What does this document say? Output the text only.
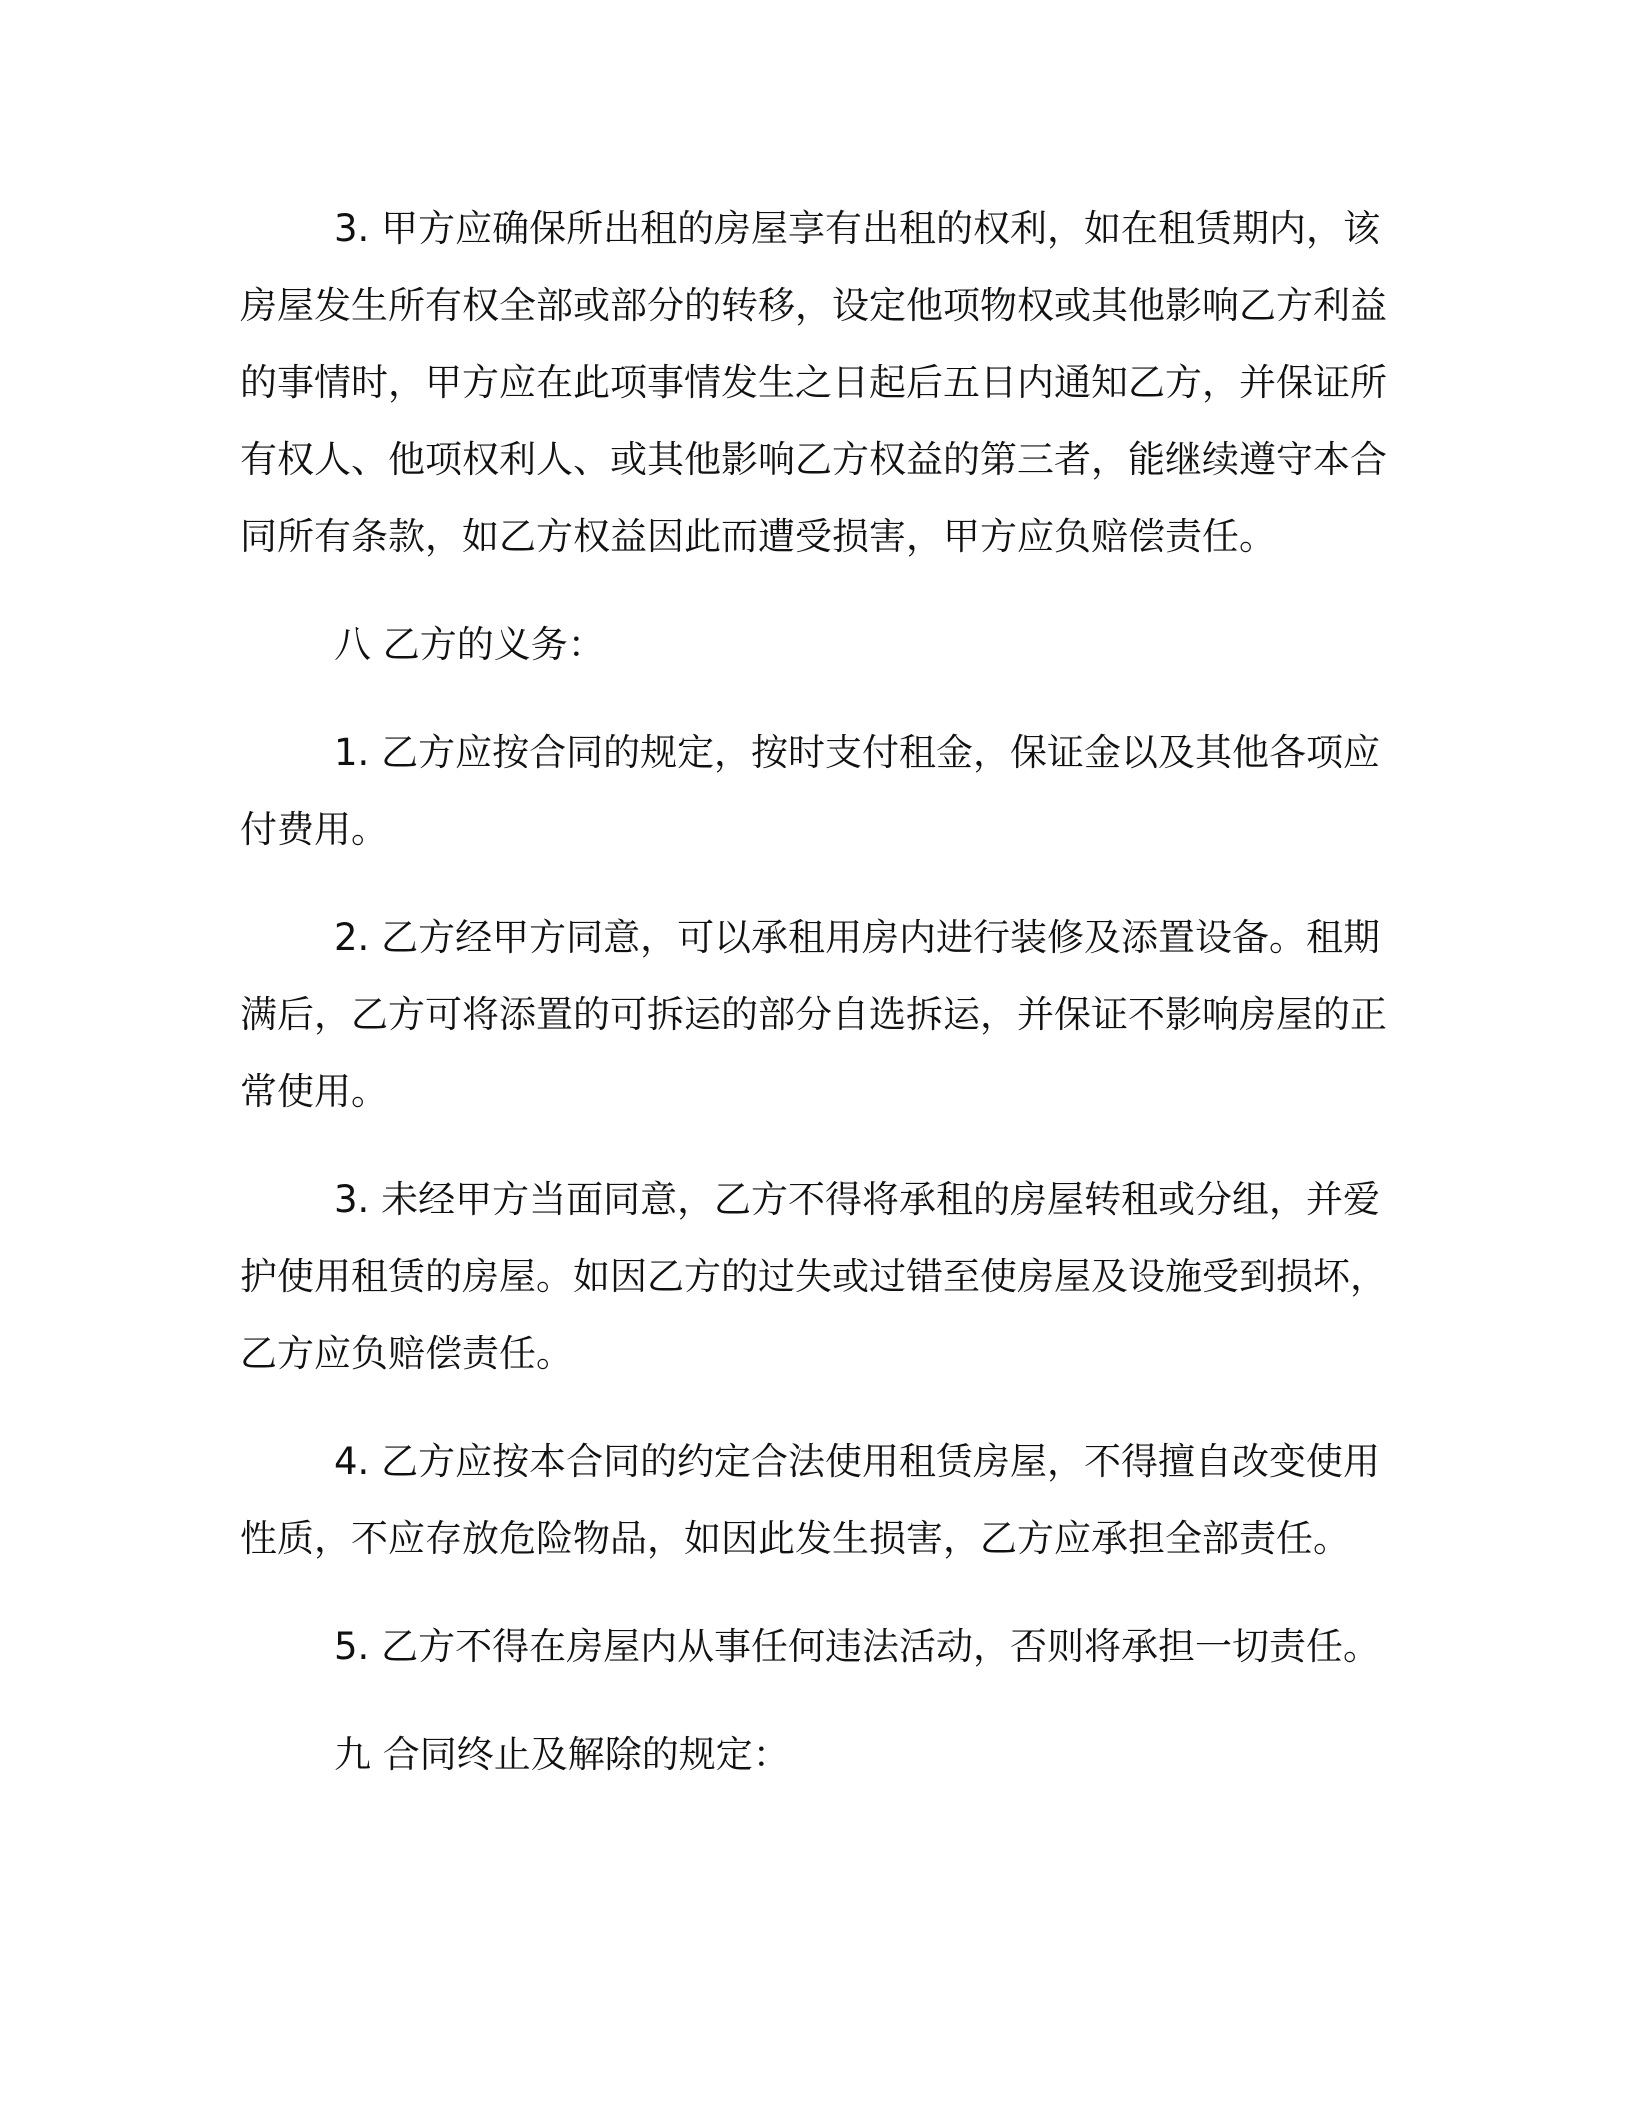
3. 甲方应确保所出租的房屋享有出租的权利，如在租赁期内，该房屋发生所有权全部或部分的转移，设定他项物权或其他影响乙方利益的事情时，甲方应在此项事情发生之日起后五日内通知乙方，并保证所有权人、他项权利人、或其他影响乙方权益的第三者，能继续遵守本合同所有条款，如乙方权益因此而遭受损害，甲方应负赔偿责任。

八 乙方的义务：

1. 乙方应按合同的规定，按时支付租金，保证金以及其他各项应付费用。

2. 乙方经甲方同意，可以承租用房内进行装修及添置设备。租期满后，乙方可将添置的可拆运的部分自选拆运，并保证不影响房屋的正常使用。

3. 未经甲方当面同意，乙方不得将承租的房屋转租或分组，并爱护使用租赁的房屋。如因乙方的过失或过错至使房屋及设施受到损坏，乙方应负赔偿责任。

4. 乙方应按本合同的约定合法使用租赁房屋，不得擅自改变使用性质，不应存放危险物品，如因此发生损害，乙方应承担全部责任。

5. 乙方不得在房屋内从事任何违法活动，否则将承担一切责任。

九 合同终止及解除的规定：
